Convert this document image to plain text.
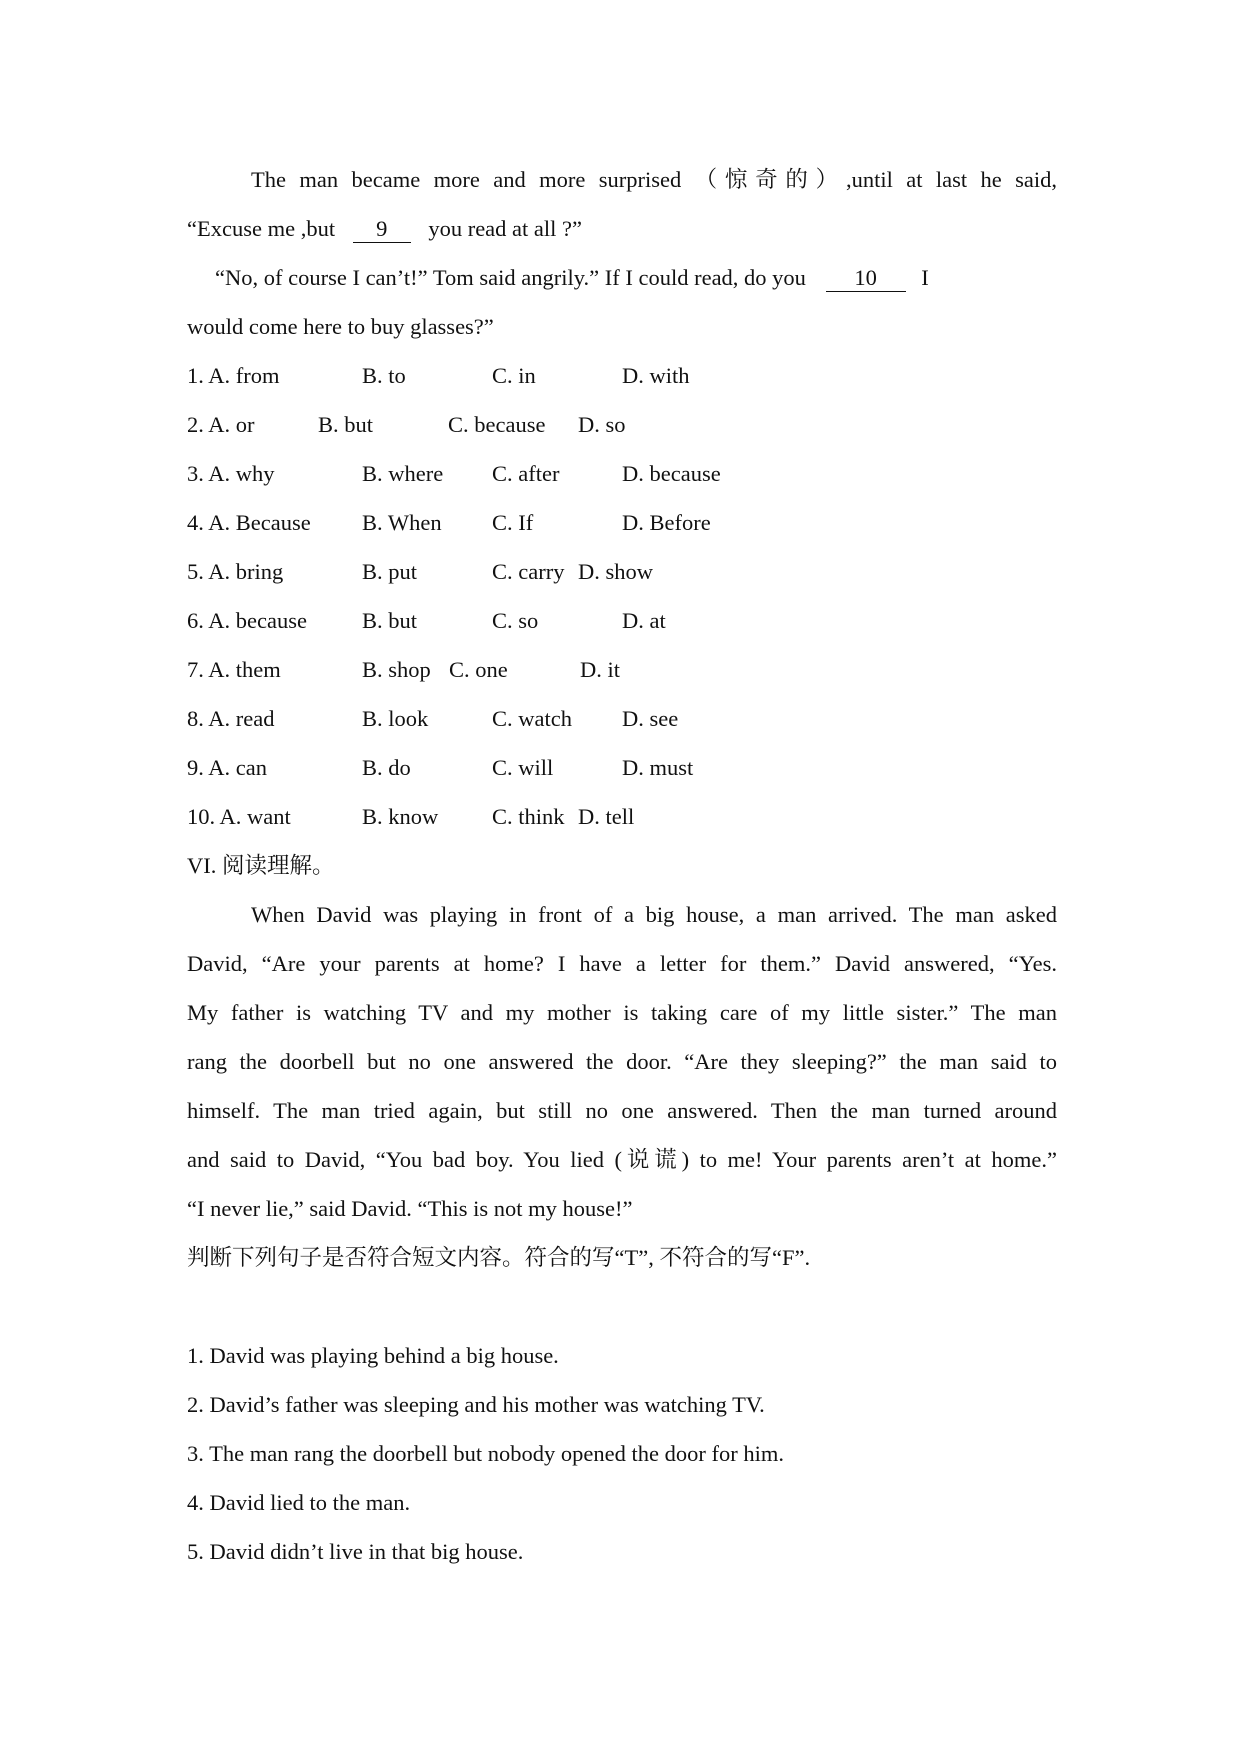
The man became more and more surprised （惊奇的）,until at last he said,
“Excuse me ,but 9 you read at all ?”
“No, of course I can’t!” Tom said angrily.” If I could read, do you 10 I
would come here to buy glasses?”
1. A. from	B. to	C. in	D. with
2. A. or	B. but	C. because	D. so
3. A. why	B. where	C. after	D. because
4. A. Because	B. When	C. If	D. Before
5. A. bring	B. put	C. carry D. show
6. A. because	B. but	C. so	D. at
7. A. them	B. shop C. one	D. it
8. A. read	B. look	C. watch	D. see
9. A. can	B. do	C. will	D. must
10. A. want	B. know	C. think D. tell
VI. 阅读理解。
When David was playing in front of a big house, a man arrived. The man asked
David, “Are your parents at home? I have a letter for them.” David answered, “Yes.
My father is watching TV and my mother is taking care of my little sister.” The man
rang the doorbell but no one answered the door. “Are they sleeping?” the man said to
himself. The man tried again, but still no one answered. Then the man turned around
and said to David, “You bad boy. You lied (说谎) to me! Your parents aren’t at home.”
“I never lie,” said David. “This is not my house!”
判断下列句子是否符合短文内容。符合的写“T”, 不符合的写“F”.
1. David was playing behind a big house.
2. David’s father was sleeping and his mother was watching TV.
3. The man rang the doorbell but nobody opened the door for him.
4. David lied to the man.
5. David didn’t live in that big house.
